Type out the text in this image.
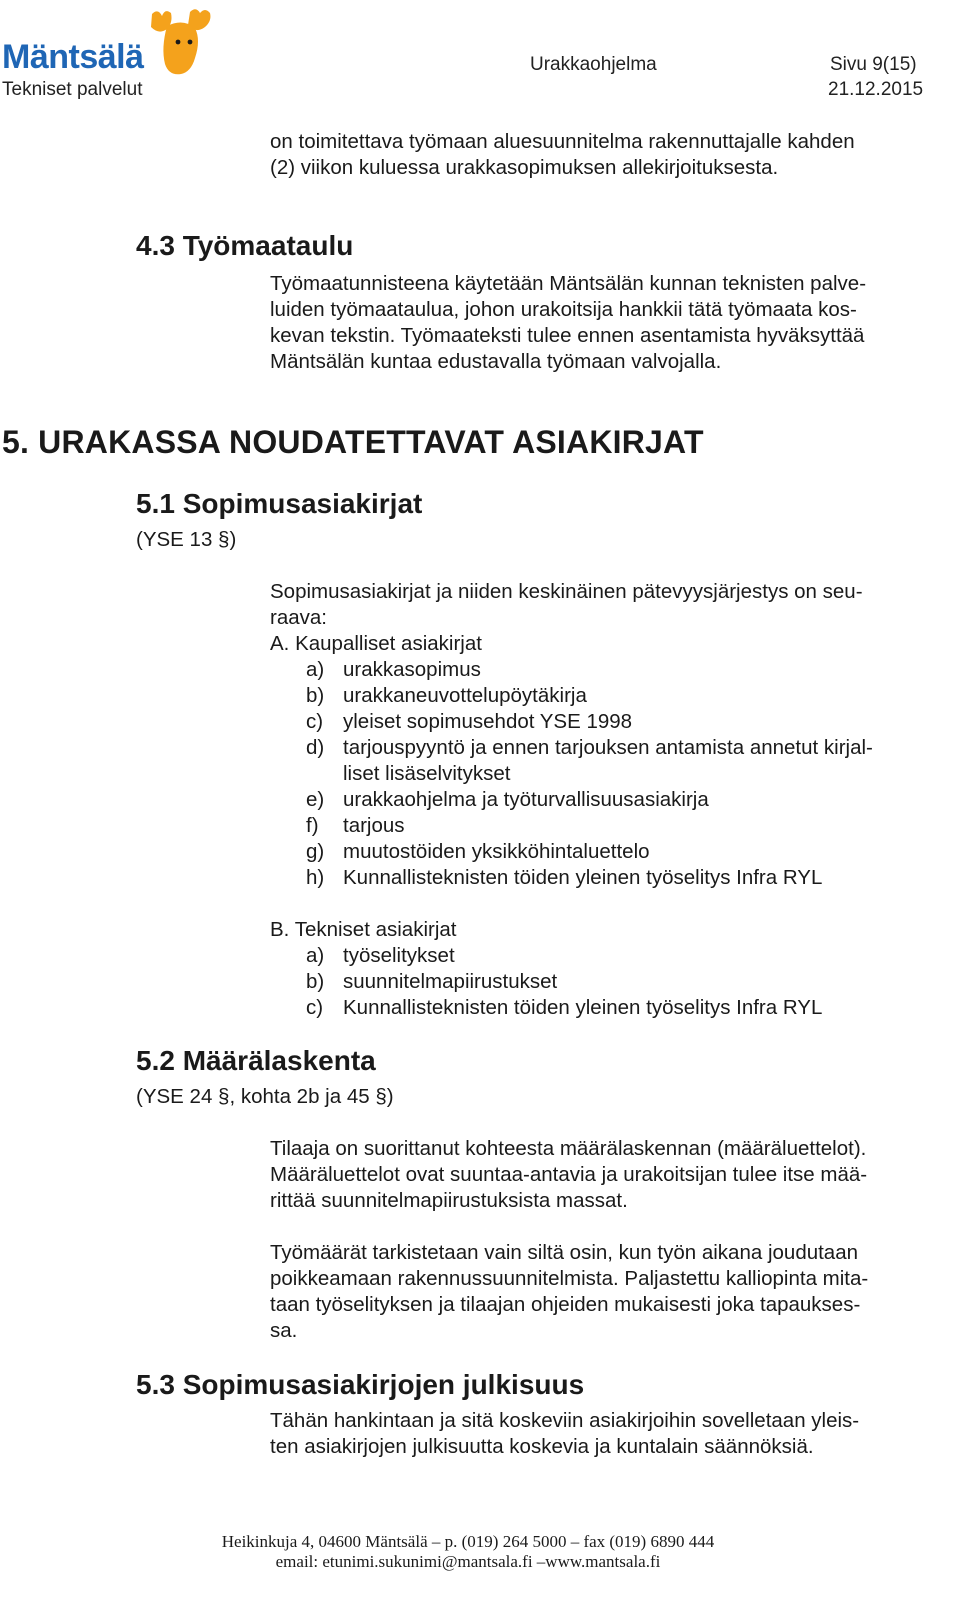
Mäntsälä
Tekniset palvelut
Urakkaohjelma	Sivu 9(15)
21.12.2015
on toimitettava työmaan aluesuunnitelma rakennuttajalle kahden
(2) viikon kuluessa urakkasopimuksen allekirjoituksesta.
4.3 Työmaataulu
Työmaatunnisteena käytetään Mäntsälän kunnan teknisten palve-
luiden työmaataulua, johon urakoitsija hankkii tätä työmaata kos-
kevan tekstin. Työmaateksti tulee ennen asentamista hyväksyttää
Mäntsälän kuntaa edustavalla työmaan valvojalla.
5. URAKASSA NOUDATETTAVAT ASIAKIRJAT
5.1 Sopimusasiakirjat
(YSE 13 §)
Sopimusasiakirjat ja niiden keskinäinen pätevyysjärjestys on seu-
raava:
A. Kaupalliset asiakirjat
a) urakkasopimus
b) urakkaneuvottelupöytäkirja
c) yleiset sopimusehdot YSE 1998
d) tarjouspyyntö ja ennen tarjouksen antamista annetut kirjal-
liset lisäselvitykset
e) urakkaohjelma ja työturvallisuusasiakirja
f) tarjous
g) muutostöiden yksikköhintaluettelo
h) Kunnallisteknisten töiden yleinen työselitys Infra RYL
B. Tekniset asiakirjat
a) työselitykset
b) suunnitelmapiirustukset
c) Kunnallisteknisten töiden yleinen työselitys Infra RYL
5.2 Määrälaskenta
(YSE 24 §, kohta 2b ja 45 §)
Tilaaja on suorittanut kohteesta määrälaskennan (määräluettelot).
Määräluettelot ovat suuntaa-antavia ja urakoitsijan tulee itse mää-
rittää suunnitelmapiirustuksista massat.
Työmäärät tarkistetaan vain siltä osin, kun työn aikana joudutaan
poikkeamaan rakennussuunnitelmista. Paljastettu kalliopinta mita-
taan työselityksen ja tilaajan ohjeiden mukaisesti joka tapaukses-
sa.
5.3 Sopimusasiakirjojen julkisuus
Tähän hankintaan ja sitä koskeviin asiakirjoihin sovelletaan yleis-
ten asiakirjojen julkisuutta koskevia ja kuntalain säännöksiä.
Heikinkuja 4, 04600 Mäntsälä – p. (019) 264 5000 – fax (019) 6890 444
email: etunimi.sukunimi@mantsala.fi –www.mantsala.fi
